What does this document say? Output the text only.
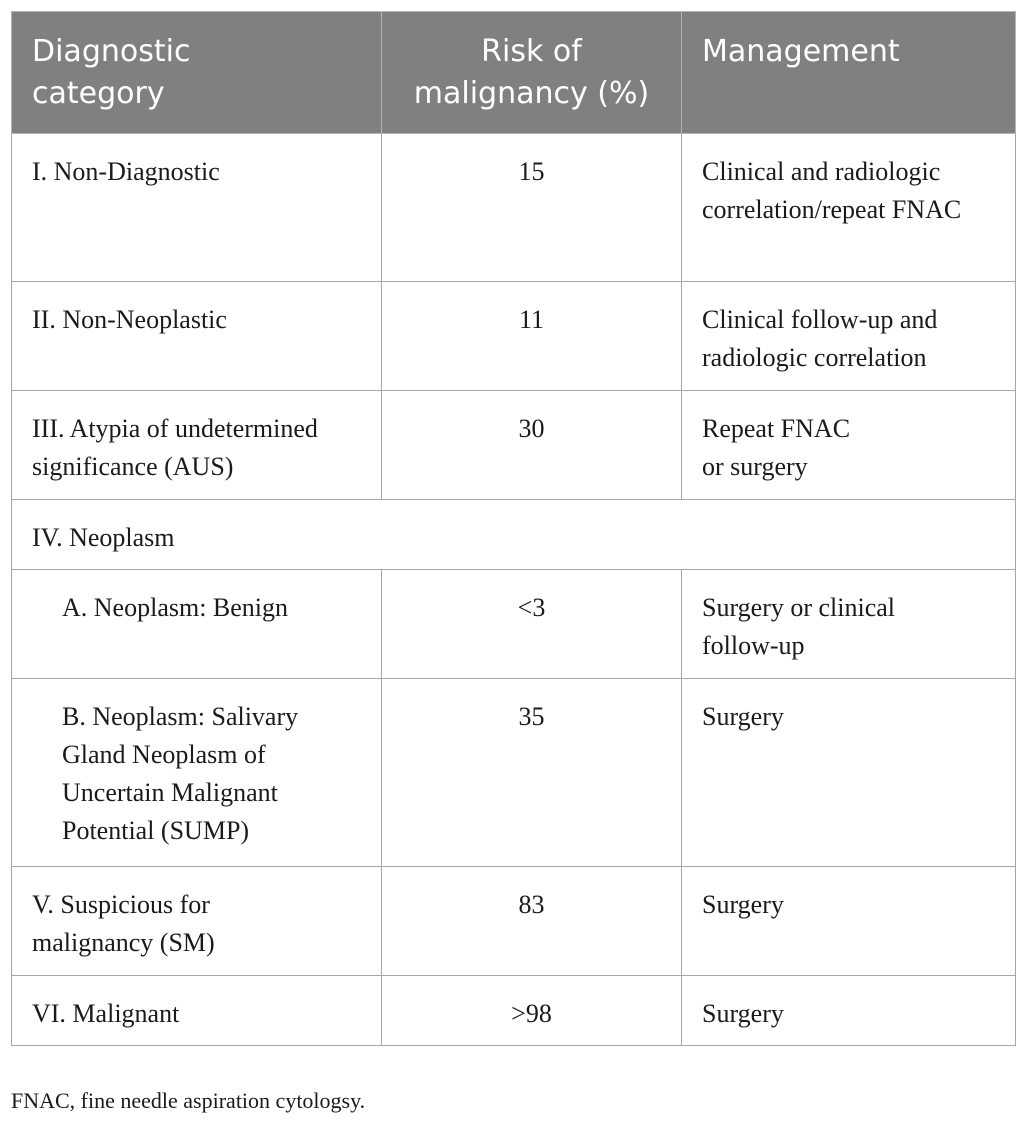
Diagnostic category	Risk of malignancy (%)	Management
I. Non-Diagnostic	15	Clinical and radiologic correlation/repeat FNAC
II. Non-Neoplastic	11	Clinical follow-up and radiologic correlation
III. Atypia of undetermined significance (AUS)	30	Repeat FNAC or surgery
IV. Neoplasm		
A. Neoplasm: Benign	<3	Surgery or clinical follow-up
B. Neoplasm: Salivary Gland Neoplasm of Uncertain Malignant Potential (SUMP)	35	Surgery
V. Suspicious for malignancy (SM)	83	Surgery
VI. Malignant	>98	Surgery
FNAC, fine needle aspiration cytologsy.
